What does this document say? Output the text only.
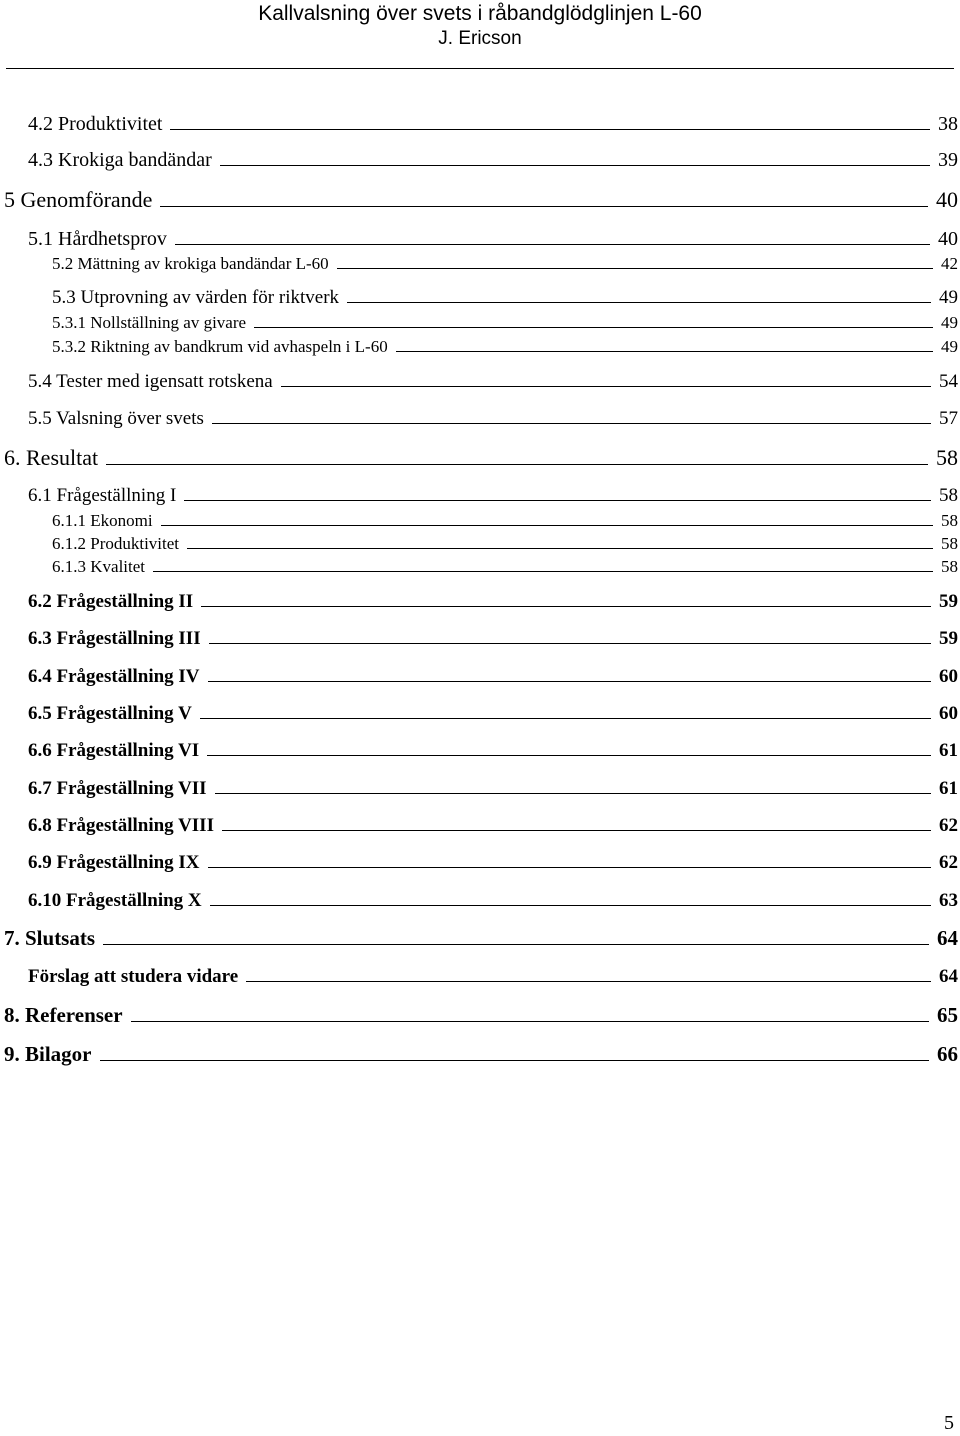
Kallvalsning över svets i råbandglödglinjen L-60
J. Ericson
4.2 Produktivitet	38
4.3 Krokiga bandändar	39
5 Genomförande	40
5.1 Hårdhetsprov	40
5.2 Mättning av krokiga bandändar L-60	42
5.3 Utprovning av värden för riktverk	49
5.3.1 Nollställning av givare	49
5.3.2 Riktning av bandkrum vid avhaspeln i L-60	49
5.4 Tester med igensatt rotskena	54
5.5 Valsning över svets	57
6. Resultat	58
6.1 Frågeställning I	58
6.1.1 Ekonomi	58
6.1.2 Produktivitet	58
6.1.3 Kvalitet	58
6.2 Frågeställning II	59
6.3 Frågeställning III	59
6.4 Frågeställning IV	60
6.5 Frågeställning V	60
6.6 Frågeställning VI	61
6.7 Frågeställning VII	61
6.8 Frågeställning VIII	62
6.9 Frågeställning IX	62
6.10 Frågeställning X	63
7. Slutsats	64
Förslag att studera vidare	64
8. Referenser	65
9. Bilagor	66
5
